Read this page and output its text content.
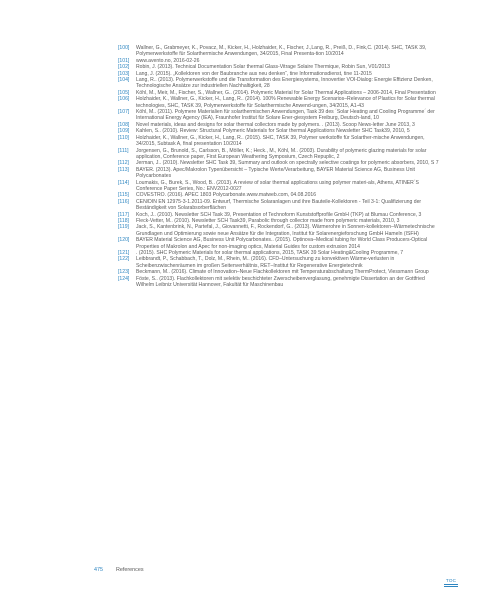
[100]	Wallner, G., Grabmeyer, K., Povacz, M., Kicker, H., Holzhaider, K., Fischer, J.,Lang, R., Preiß, D., Fink,C. (2014). SHC, TASK 39, Polymerwerkstoffe für Solarthermische Anwendungen, 34/2015, Final Presenta-tion 10/2014
[101]	www.avento.no, 2016-02-26
[102]	Robin, J. (2013). Technical Documentation Solar thermal Glass-Vitrage Solaire Thermique, Robin Sun, V01/2013
[103]	Lang, J. (2015). „Kollektoren von der Baubranche aus neu denken“, tine Informationsdienst, tine 11-2015
[104]	Lang, R.. (2013). Polymerwerkstoffe und die Transformation des Energiesystems, Innovertier VOI-Dialog: Energie Effizienz Denken, Technologische Ansätze zur industriellen Nachhaltigkeit, 28
[105]	Köhl, M., Meir, M., Fischer, S., Wallner, G.. (2014). Polymeric Material for Solar Thermal Applications – 2006-2014, Final Presentation
[106]	Holzhaider, K., Wallner, G., Kicker, H., Lang, R.. (2014). 100% Renewable Energy Scenarios–Relevance of Plastics for Solar thermal technologies, SHC, TASK 39, Polymerwerkstoffe für Solarthermische Anwend-ungen, 34/2015, A1-43
[107]	Köhl, M.. (2011). Polymere Materialien für solarthermischen Anwendungen, Task 39 des ´Solar Heating and Cooling Programme´ der International Energy Agency (IEA), Fraunhofer Institut für Solare Ener-giesystem Freiburg, Deutsch-land, 10
[108]	Novel materials, ideas and designs for solar thermal collectors made by polymers. . (2013). Scoop News-letter June 2013, 3
[109]	Kahlen, S.. (2010). Review: Structural Polymeric Materials for Solar thermal Applications Newsletter SHC Task39, 2010, 5
[110]	Holzhaider, K., Wallner, G., Kicker, H., Lang, R.. (2015). SHC, TASK 39, Polymer werkstoffe für Solarther-mische Anwendungen, 34/2015, Subtask A, final presentation 10/2014
[111]	Jorgensen, G., Brunold, S., Carlsson, B., Möller, K.; Heck., M., Köhl, M.. (2003). Durability of polymeric glazing materials for solar application, Conference paper, First European Weathering Symposium, Czech Repuplic, 2
[112]	Jerman, J.. (2010). Newsletter SHC Task 39, Summary and outlook on spectrally selective coatings for polymeric absorbers, 2010, S 7
[113]	BAYER. (2013). Apec/Makrolon Typenübersicht – Typische Werte/Verarbeitung, BAYER Material Science AG, Business Unit Polycarbonates
[114]	Loumakis, G., Burek, S., Wood, B.. (2013). A review of solar thermal applications using polymer materi-als, Athens, ATINER´S Conference Paper Series, No.: ENV2012-0027
[115]	COVESTRO. (2016). APEC 1803 Polycarbonate.www.matweb.com, 04.08.2016
[116]	CEN/DIN EN 12975-3-1.2011-09. Entwurf, Thermische Solaranlagen und ihre Bauteile-Kollektoren - Teil 3-1: Qualifizierung der Beständigkeit von Solarabsorberflächen
[117]	Koch, J.. (2010). Newsletter SCH Task 39, Presentation of Technoform Kunststoffprofile GmbH (TKP) at Blumau Conference, 3
[118]	Fleck-Vetter, M.. (2010). Newsletter SCH Task39, Parabolic through collector made from polymeric materials, 2010, 3
[119]	Jack, S., Kantenbrink, N., Partefal, J., Giovannetti, F., Rockendorf, G.. (2013). Wärmerohre in Sonnen-kollektoren–Wärmetechnische Grundlagen und Optimierung sowie neue Ansätze für die Integration, Institut für Solarenergieforschung GmbH Hameln (ISFH)
[120]	BAYER Material Science AG, Business Unit Polycarbonates.. (2015). Optinova–Medical tubing for World Class Producers-Optical Properties of Makrolon and Apec for non-imaging optics, Material Guides for custom extrusion 2014
[121]	. (2015). SHC Polymeric Materials for solar thermal applications, 2015, TASK 39 Solar Heating&Cooling Programme, 7
[122]	Leibbrandt, P., Schabbach, T., Dolz, M., Rhein, M.. (2016). CFD–Untersuchung zu konvektiven Wärme-verlusten in Scheibenzwischenräumen im großen Seitenverhältnis, RET–Institut für Regenerative Energietechnik
[123]	Beckmann, M.. (2016). Climate of Innovation–Neue Flachkollektoren mit Temperaturabschaltung ThermProtect, Viessmann Group
[124]	Föste, S.. (2013). Flachkollektoren mit selektiv beschichteter Zwerscheibenverglasung, genehmigte Dissertation an der Gottfried Wilhelm Leibniz Universität Hannover, Fakultät für Maschinenbau
475	References
TOC
